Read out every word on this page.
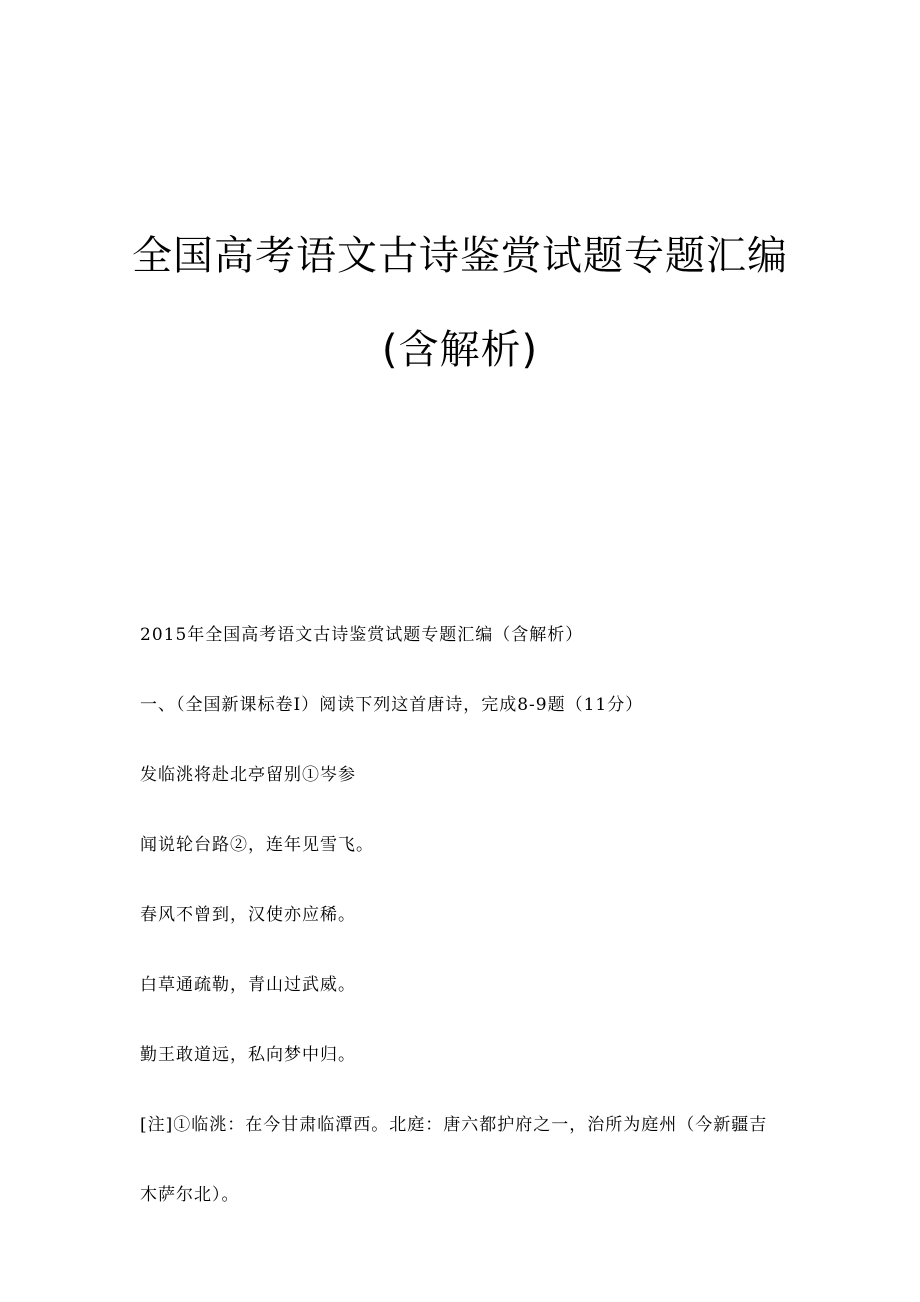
全国高考语文古诗鉴赏试题专题汇编
(含解析)
2015年全国高考语文古诗鉴赏试题专题汇编（含解析）
一、（全国新课标卷Ⅰ）阅读下列这首唐诗，完成8-9题（11分）
发临洮将赴北亭留别①岑参
闻说轮台路②，连年见雪飞。
春风不曾到，汉使亦应稀。
白草通疏勒，青山过武威。
勤王敢道远，私向梦中归。
[注]①临洮：在今甘肃临潭西。北庭：唐六都护府之一，治所为庭州（今新疆吉木萨尔北）。
